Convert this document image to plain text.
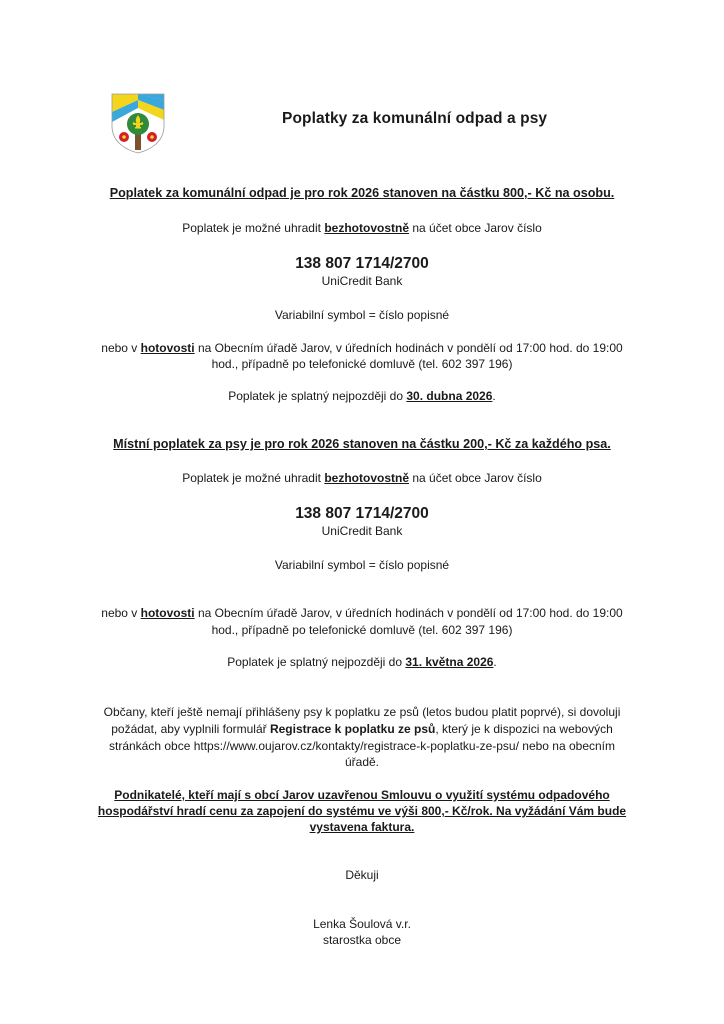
Poplatky za komunální odpad a psy
Poplatek za komunální odpad je pro rok 2026 stanoven na částku 800,- Kč na osobu.
Poplatek je možné uhradit bezhotovostně na účet obce Jarov číslo
138 807 1714/2700
UniCredit Bank
Variabilní symbol = číslo popisné
nebo v hotovosti na Obecním úřadě Jarov, v úředních hodinách v pondělí od 17:00 hod. do 19:00
hod., případně po telefonické domluvě (tel. 602 397 196)
Poplatek je splatný nejpozději do 30. dubna 2026.
Místní poplatek za psy je pro rok 2026 stanoven na částku 200,- Kč za každého psa.
Poplatek je možné uhradit bezhotovostně na účet obce Jarov číslo
138 807 1714/2700
UniCredit Bank
Variabilní symbol = číslo popisné
nebo v hotovosti na Obecním úřadě Jarov, v úředních hodinách v pondělí od 17:00 hod. do 19:00
hod., případně po telefonické domluvě (tel. 602 397 196)
Poplatek je splatný nejpozději do 31. května 2026.
Občany, kteří ještě nemají přihlášeny psy k poplatku ze psů (letos budou platit poprvé), si dovoluji
požádat, aby vyplnili formulář Registrace k poplatku ze psů, který je k dispozici na webových
stránkách obce https://www.oujarov.cz/kontakty/registrace-k-poplatku-ze-psu/ nebo na obecním
úřadě.
Podnikatelé, kteří mají s obcí Jarov uzavřenou Smlouvu o využití systému odpadového
hospodářství hradí cenu za zapojení do systému ve výši 800,- Kč/rok. Na vyžádání Vám bude
vystavena faktura.
Děkuji
Lenka Šoulová v.r.
starostka obce
